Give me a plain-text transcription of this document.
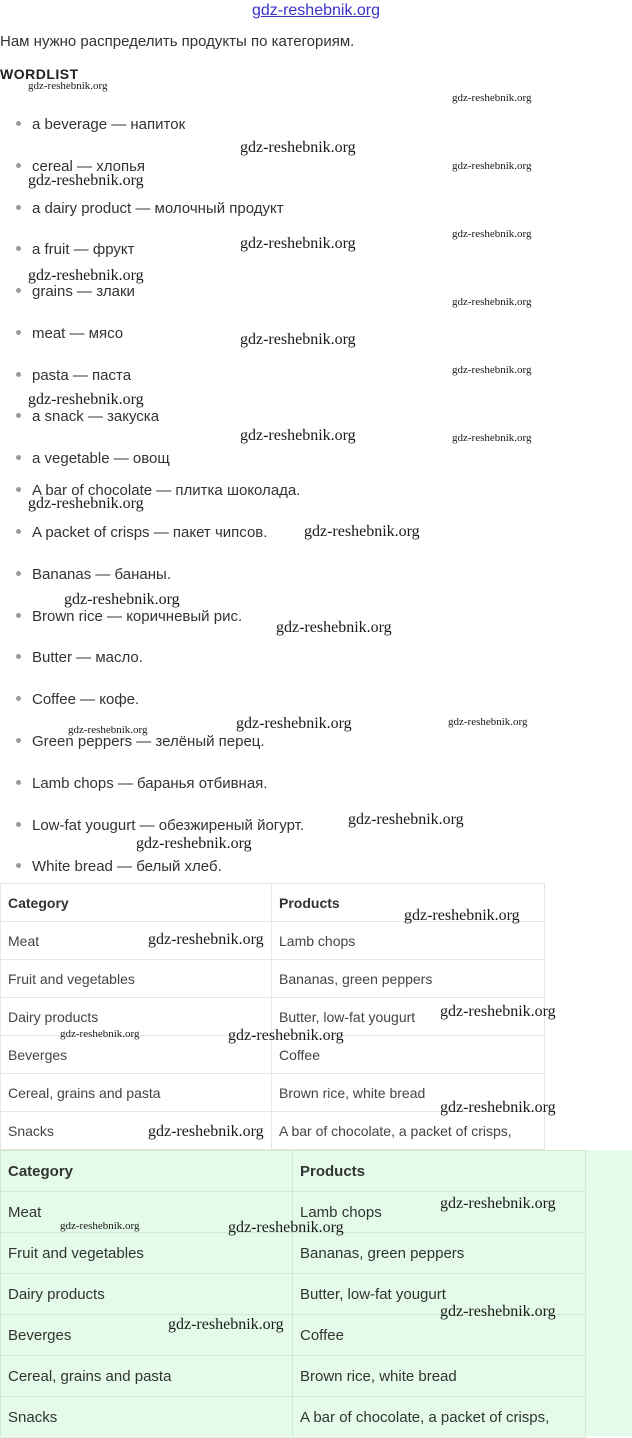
gdz-reshebnik.org
Нам нужно распределить продукты по категориям.
WORDLIST
a beverage — напиток
cereal — хлопья
a dairy product — молочный продукт
a fruit — фрукт
grains — злаки
meat — мясо
pasta — паста
a snack — закуска
a vegetable — овощ
A bar of chocolate — плитка шоколада.
A packet of crisps — пакет чипсов.
Bananas — бананы.
Brown rice — коричневый рис.
Butter — масло.
Coffee — кофе.
Green peppers — зелёный перец.
Lamb chops — баранья отбивная.
Low-fat yougurt — обезжиреный йогурт.
White bread — белый хлеб.
Category	Products
Meat	Lamb chops
Fruit and vegetables	Bananas, green peppers
Dairy products	Butter, low-fat yougurt
Beverges	Coffee
Cereal, grains and pasta	Brown rice, white bread
Snacks	A bar of chocolate, a packet of crisps,
Category	Products
Meat	Lamb chops
Fruit and vegetables	Bananas, green peppers
Dairy products	Butter, low-fat yougurt
Beverges	Coffee
Cereal, grains and pasta	Brown rice, white bread
Snacks	A bar of chocolate, a packet of crisps,
gdz-reshebnik.org
gdz-reshebnik.org
gdz-reshebnik.org
gdz-reshebnik.org
gdz-reshebnik.org
gdz-reshebnik.org
gdz-reshebnik.org
gdz-reshebnik.org
gdz-reshebnik.org
gdz-reshebnik.org
gdz-reshebnik.org
gdz-reshebnik.org
gdz-reshebnik.org	gdz-reshebnik.org
gdz-reshebnik.org
gdz-reshebnik.org
gdz-reshebnik.org
gdz-reshebnik.org
gdz-reshebnik.org	gdz-reshebnik.org	gdz-reshebnik.org
gdz-reshebnik.org
gdz-reshebnik.org
gdz-reshebnik.org
gdz-reshebnik.org
gdz-reshebnik.org
gdz-reshebnik.org	gdz-reshebnik.org
gdz-reshebnik.org
gdz-reshebnik.org
gdz-reshebnik.org
gdz-reshebnik.org	gdz-reshebnik.org
gdz-reshebnik.org
gdz-reshebnik.org
